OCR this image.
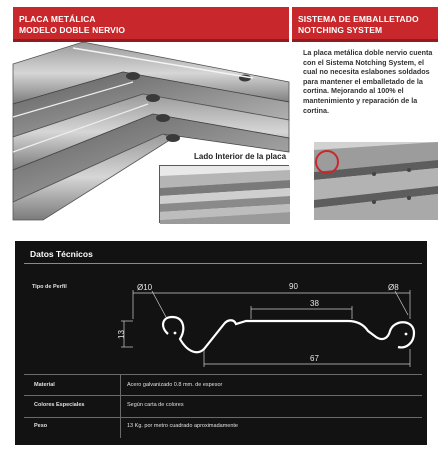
PLACA METÁLICA
MODELO DOBLE NERVIO
Lado Interior de la placa
SISTEMA DE EMBALLETADO
NOTCHING SYSTEM

La placa metálica doble nervio cuenta con el Sistema Notching System, el cual no necesita eslabones soldados para mantener el emballetado de la cortina. Mejorando al 100% el mantenimiento y reparación de la cortina.

Datos Técnicos
Tipo de Perfil	Ø10	Ø8
90
38
67
13
Material	Acero galvanizado 0.8 mm. de espesor
Colores Especiales	Según carta de colores
Peso	13 Kg. por metro cuadrado aproximadamente
